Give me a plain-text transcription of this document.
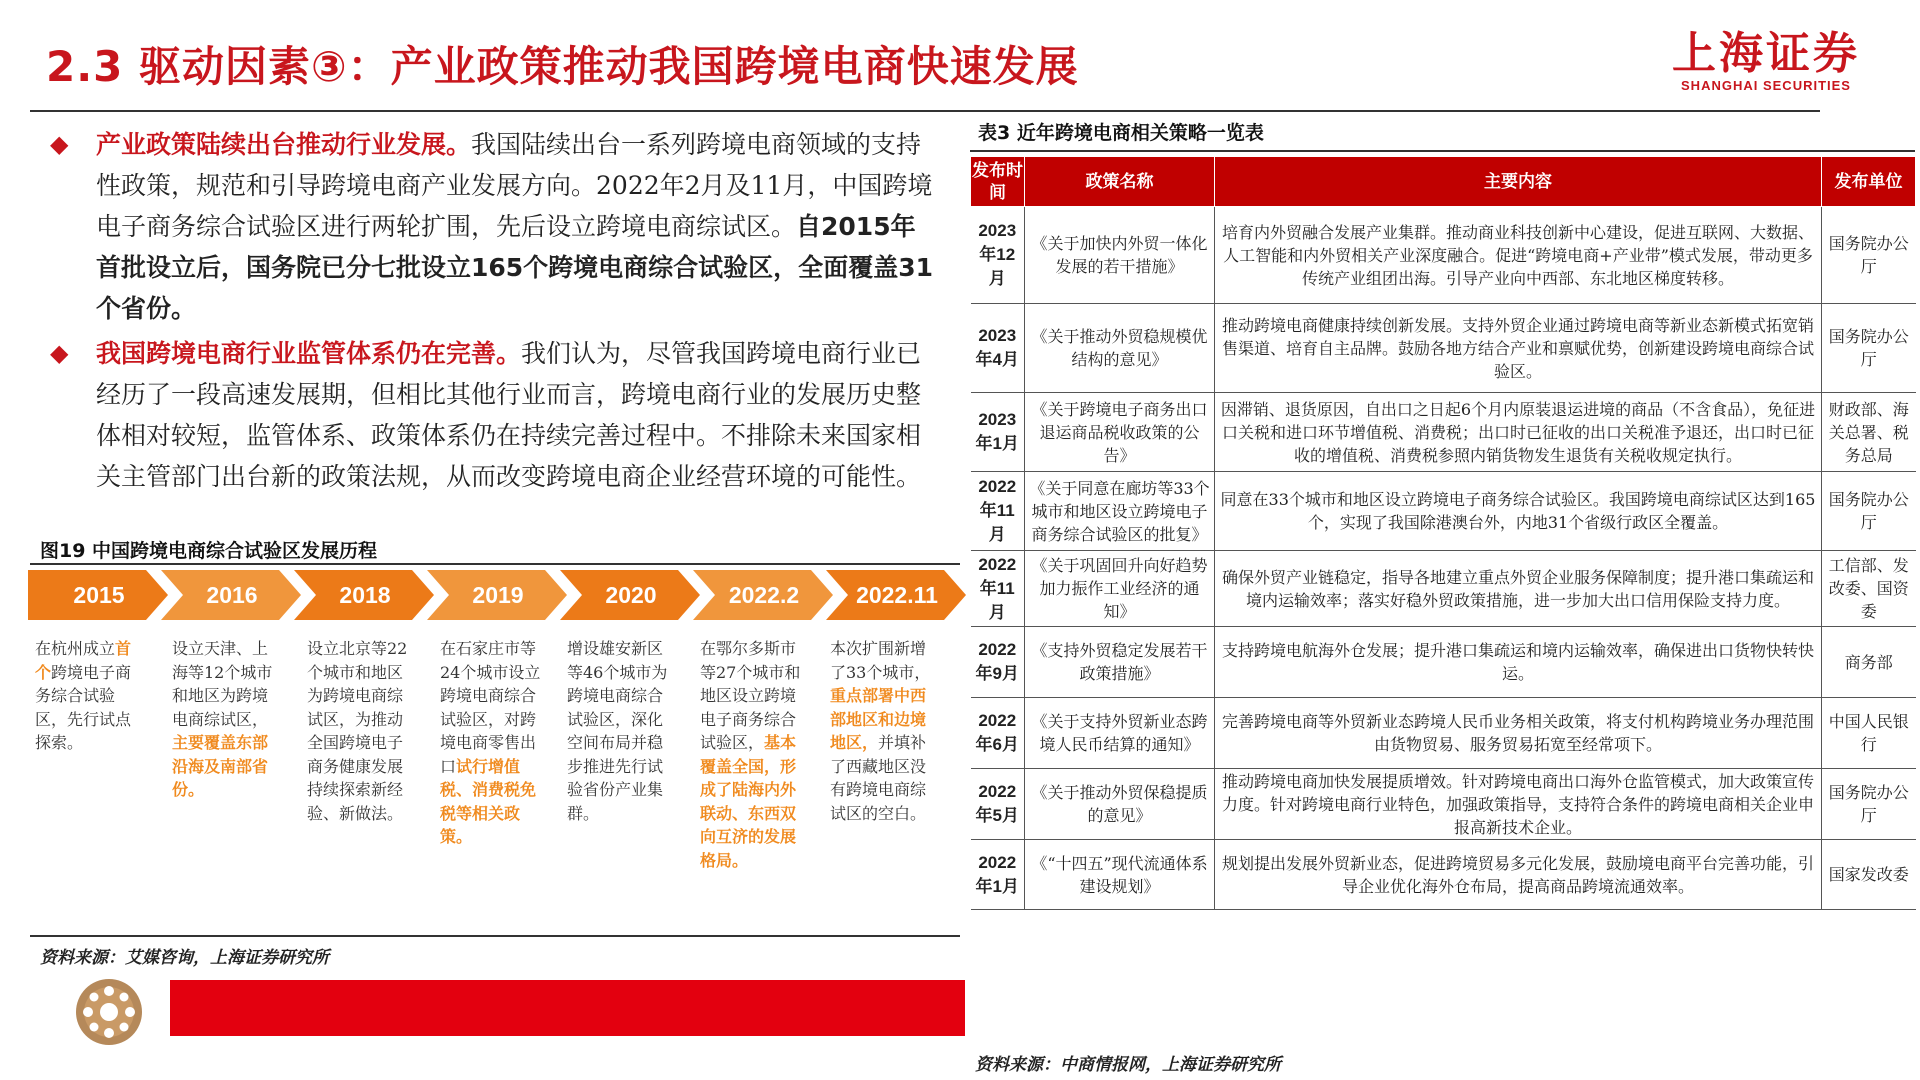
2.3 驱动因素③：产业政策推动我国跨境电商快速发展	上海证券
SHANGHAI SECURITIES
◆ 产业政策陆续出台推动行业发展。我国陆续出台一系列跨境电商领域的支持性政策，规范和引导跨境电商产业发展方向。2022年2月及11月，中国跨境电子商务综合试验区进行两轮扩围，先后设立跨境电商综试区。自2015年首批设立后，国务院已分七批设立165个跨境电商综合试验区，全面覆盖31个省份。
◆ 我国跨境电商行业监管体系仍在完善。我们认为，尽管我国跨境电商行业已经历了一段高速发展期，但相比其他行业而言，跨境电商行业的发展历史整体相对较短，监管体系、政策体系仍在持续完善过程中。不排除未来国家相关主管部门出台新的政策法规，从而改变跨境电商企业经营环境的可能性。
图19 中国跨境电商综合试验区发展历程
2015	2016	2018	2019	2020	2022.2	2022.11
在杭州成立首个跨境电子商务综合试验区，先行试点探索。
设立天津、上海等12个城市和地区为跨境电商综试区，主要覆盖东部沿海及南部省份。
设立北京等22个城市和地区为跨境电商综试区，为推动全国跨境电子商务健康发展持续探索新经验、新做法。
在石家庄市等24个城市设立跨境电商综合试验区，对跨境电商零售出口试行增值税、消费税免税等相关政策。
增设雄安新区等46个城市为跨境电商综合试验区，深化空间布局并稳步推进先行试验省份产业集群。
在鄂尔多斯市等27个城市和地区设立跨境电子商务综合试验区，基本覆盖全国，形成了陆海内外联动、东西双向互济的发展格局。
本次扩围新增了33个城市，重点部署中西部地区和边境地区，并填补了西藏地区没有跨境电商综试区的空白。
资料来源：艾媒咨询，上海证券研究所
表3 近年跨境电商相关策略一览表
发布时间	政策名称	主要内容	发布单位
2023年12月	《关于加快内外贸一体化发展的若干措施》	培育内外贸融合发展产业集群。推动商业科技创新中心建设，促进互联网、大数据、人工智能和内外贸相关产业深度融合。促进“跨境电商+产业带”模式发展，带动更多传统产业组团出海。引导产业向中西部、东北地区梯度转移。	国务院办公厅
2023年4月	《关于推动外贸稳规模优结构的意见》	推动跨境电商健康持续创新发展。支持外贸企业通过跨境电商等新业态新模式拓宽销售渠道、培育自主品牌。鼓励各地方结合产业和禀赋优势，创新建设跨境电商综合试验区。	国务院办公厅
2023年1月	《关于跨境电子商务出口退运商品税收政策的公告》	因滞销、退货原因，自出口之日起6个月内原装退运进境的商品（不含食品），免征进口关税和进口环节增值税、消费税；出口时已征收的出口关税准予退还，出口时已征收的增值税、消费税参照内销货物发生退货有关税收规定执行。	财政部、海关总署、税务总局
2022年11月	《关于同意在廊坊等33个城市和地区设立跨境电子商务综合试验区的批复》	同意在33个城市和地区设立跨境电子商务综合试验区。我国跨境电商综试区达到165个，实现了我国除港澳台外，内地31个省级行政区全覆盖。	国务院办公厅
2022年11月	《关于巩固回升向好趋势加力振作工业经济的通知》	确保外贸产业链稳定，指导各地建立重点外贸企业服务保障制度；提升港口集疏运和境内运输效率；落实好稳外贸政策措施，进一步加大出口信用保险支持力度。	工信部、发改委、国资委
2022年9月	《支持外贸稳定发展若干政策措施》	支持跨境电航海外仓发展；提升港口集疏运和境内运输效率，确保进出口货物快转快运。	商务部
2022年6月	《关于支持外贸新业态跨境人民币结算的通知》	完善跨境电商等外贸新业态跨境人民币业务相关政策，将支付机构跨境业务办理范围由货物贸易、服务贸易拓宽至经常项下。	中国人民银行
2022年5月	《关于推动外贸保稳提质的意见》	推动跨境电商加快发展提质增效。针对跨境电商出口海外仓监管模式，加大政策宣传力度。针对跨境电商行业特色，加强政策指导，支持符合条件的跨境电商相关企业申报高新技术企业。	国务院办公厅
2022年1月	《“十四五”现代流通体系建设规划》	规划提出发展外贸新业态，促进跨境贸易多元化发展，鼓励境电商平台完善功能，引导企业优化海外仓布局，提高商品跨境流通效率。	国家发改委
资料来源：中商情报网，上海证券研究所
